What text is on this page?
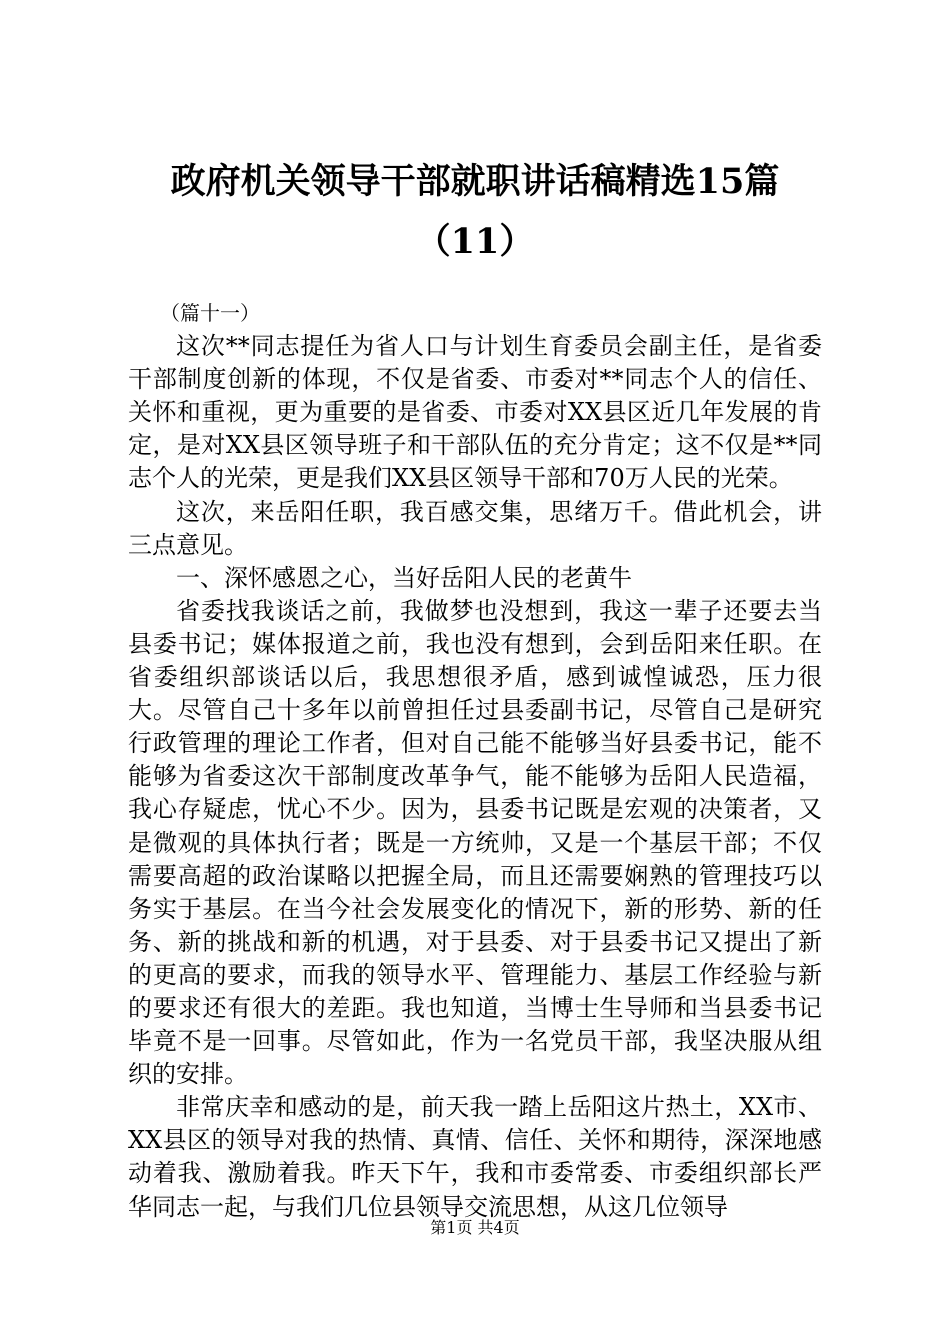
政府机关领导干部就职讲话稿精选15篇
（11）

（篇十一）

这次**同志提任为省人口与计划生育委员会副主任，是省委干部制度创新的体现，不仅是省委、市委对**同志个人的信任、关怀和重视，更为重要的是省委、市委对XX县区近几年发展的肯定，是对XX县区领导班子和干部队伍的充分肯定；这不仅是**同志个人的光荣，更是我们XX县区领导干部和70万人民的光荣。

这次，来岳阳任职，我百感交集，思绪万千。借此机会，讲三点意见。

一、深怀感恩之心，当好岳阳人民的老黄牛

省委找我谈话之前，我做梦也没想到，我这一辈子还要去当县委书记；媒体报道之前，我也没有想到，会到岳阳来任职。在省委组织部谈话以后，我思想很矛盾，感到诚惶诚恐，压力很大。尽管自己十多年以前曾担任过县委副书记，尽管自己是研究行政管理的理论工作者，但对自己能不能够当好县委书记，能不能够为省委这次干部制度改革争气，能不能够为岳阳人民造福，我心存疑虑，忧心不少。因为，县委书记既是宏观的决策者，又是微观的具体执行者；既是一方统帅，又是一个基层干部；不仅需要高超的政治谋略以把握全局，而且还需要娴熟的管理技巧以务实于基层。在当今社会发展变化的情况下，新的形势、新的任务、新的挑战和新的机遇，对于县委、对于县委书记又提出了新的更高的要求，而我的领导水平、管理能力、基层工作经验与新的要求还有很大的差距。我也知道，当博士生导师和当县委书记毕竟不是一回事。尽管如此，作为一名党员干部，我坚决服从组织的安排。

非常庆幸和感动的是，前天我一踏上岳阳这片热土，XX市、XX县区的领导对我的热情、真情、信任、关怀和期待，深深地感动着我、激励着我。昨天下午，我和市委常委、市委组织部长严华同志一起，与我们几位县领导交流思想，从这几位领导

第1页 共4页
